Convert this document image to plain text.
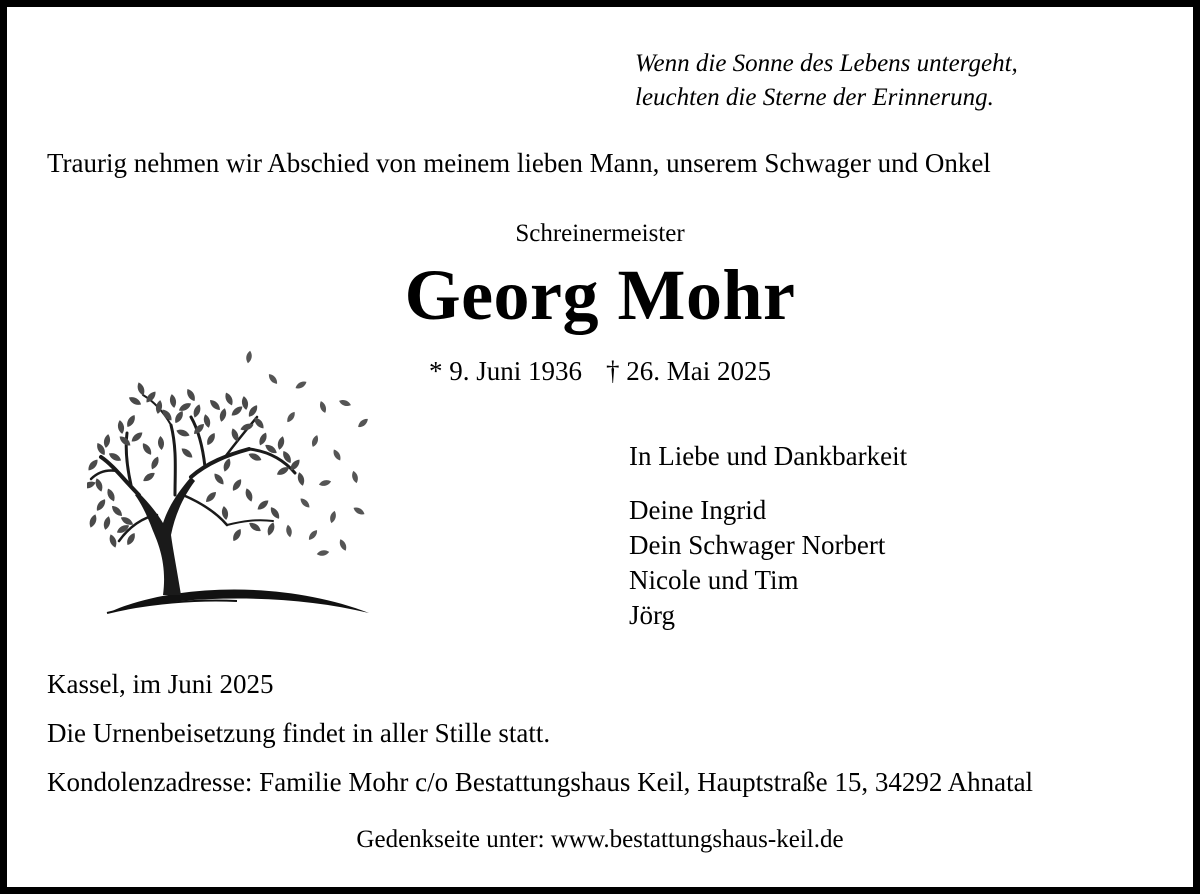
Wenn die Sonne des Lebens untergeht,
leuchten die Sterne der Erinnerung.
Traurig nehmen wir Abschied von meinem lieben Mann, unserem Schwager und Onkel
Schreinermeister
Georg Mohr
* 9. Juni 1936 † 26. Mai 2025
In Liebe und Dankbarkeit
Deine Ingrid
Dein Schwager Norbert
Nicole und Tim
Jörg
Kassel, im Juni 2025
Die Urnenbeisetzung findet in aller Stille statt.
Kondolenzadresse: Familie Mohr c/o Bestattungshaus Keil, Hauptstraße 15, 34292 Ahnatal
Gedenkseite unter: www.bestattungshaus-keil.de
